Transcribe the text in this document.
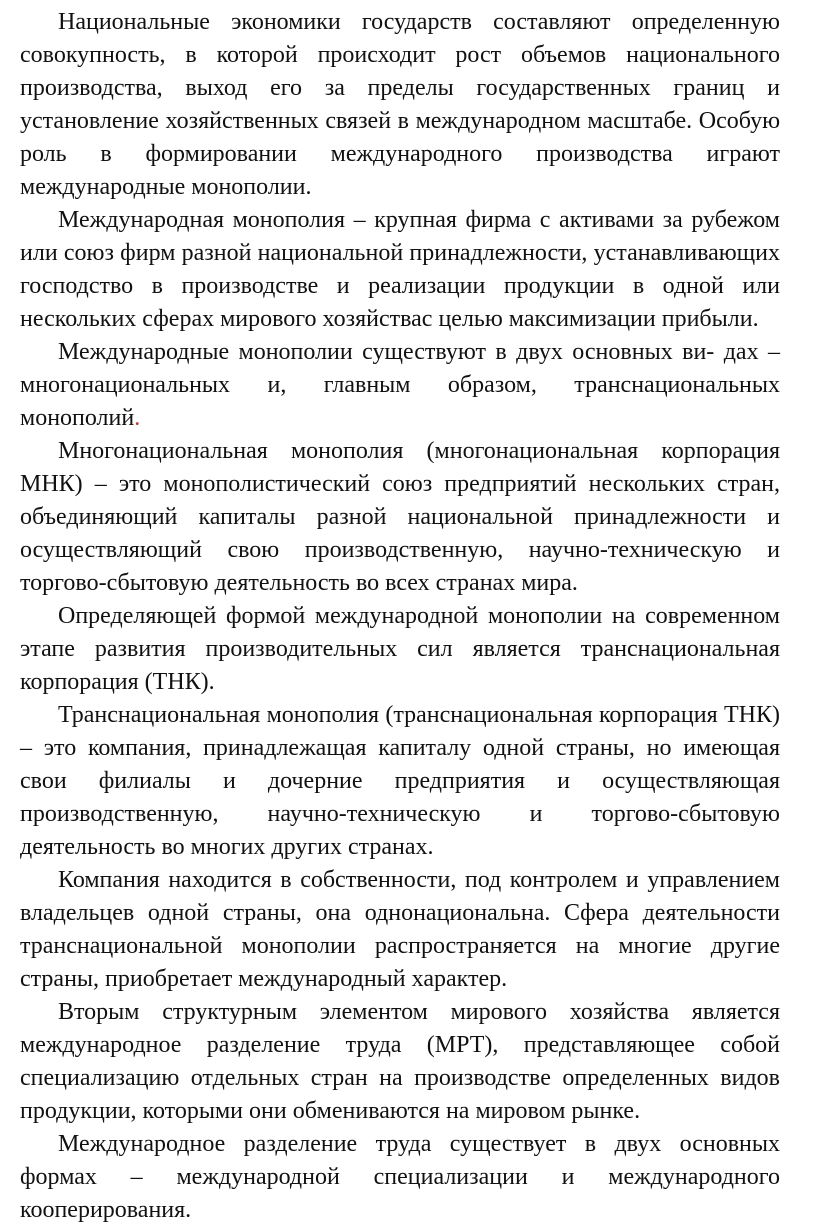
Национальные экономики государств составляют определенную совокупность, в которой происходит рост объемов национального производства, выход его за пределы государственных границ и установление хозяйственных связей в международном масштабе. Особую роль в формировании международного производства играют международные монополии.

Международная монополия – крупная фирма с активами за рубежом или союз фирм разной национальной принадлежности, устанавливающих господство в производстве и реализации продукции в одной или нескольких сферах мирового хозяйствас целью максимизации прибыли.

Международные монополии существуют в двух основных ви- дах – многонациональных и, главным образом, транснациональных монополий.

Многонациональная монополия (многонациональная корпорация МНК) – это монополистический союз предприятий нескольких стран, объединяющий капиталы разной национальной принадлежности и осуществляющий свою производственную, научно-техническую и торгово-сбытовую деятельность во всех странах мира.

Определяющей формой международной монополии на современном этапе развития производительных сил является транснациональная корпорация (ТНК).

Транснациональная монополия (транснациональная корпорация ТНК) – это компания, принадлежащая капиталу одной страны, но имеющая свои филиалы и дочерние предприятия и осуществляющая производственную, научно-техническую и торгово-сбытовую деятельность во многих других странах.

Компания находится в собственности, под контролем и управлением владельцев одной страны, она однонациональна. Сфера деятельности транснациональной монополии распространяется на многие другие страны, приобретает международный характер.

Вторым структурным элементом мирового хозяйства является международное разделение труда (МРТ), представляющее собой специализацию отдельных стран на производстве определенных видов продукции, которыми они обмениваются на мировом рынке.

Международное разделение труда существует в двух основных формах – международной специализации и международного кооперирования.
